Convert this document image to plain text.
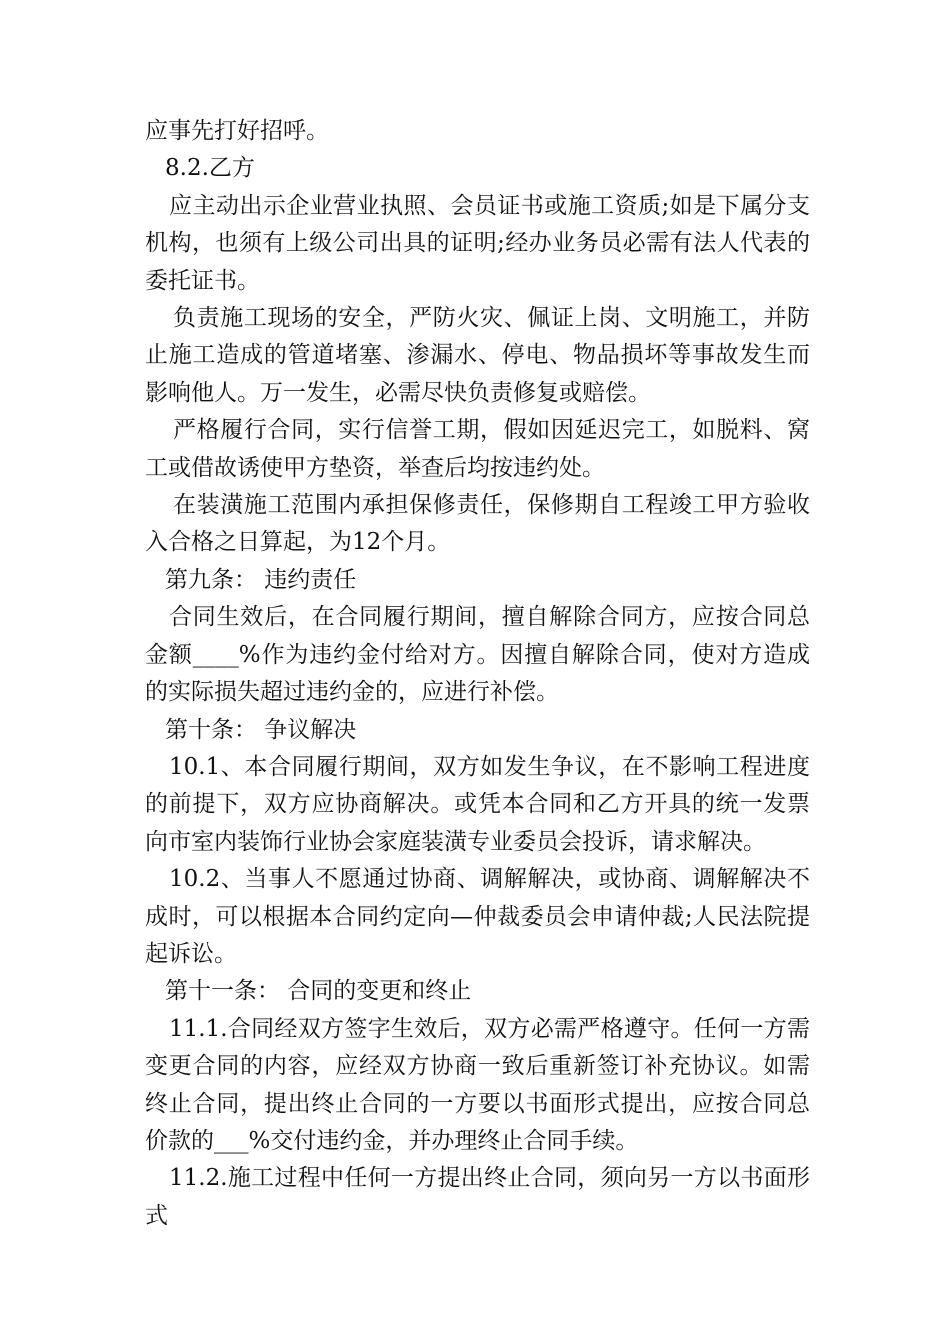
应事先打好招呼。

8.2.乙方

应主动出示企业营业执照、会员证书或施工资质;如是下属分支机构，也须有上级公司出具的证明;经办业务员必需有法人代表的委托证书。

负责施工现场的安全，严防火灾、佩证上岗、文明施工，并防止施工造成的管道堵塞、渗漏水、停电、物品损坏等事故发生而影响他人。万一发生，必需尽快负责修复或赔偿。

严格履行合同，实行信誉工期，假如因延迟完工，如脱料、窝工或借故诱使甲方垫资，举查后均按违约处。

在装潢施工范围内承担保修责任，保修期自工程竣工甲方验收入合格之日算起，为12个月。

第九条： 违约责任

合同生效后，在合同履行期间，擅自解除合同方，应按合同总金额____%作为违约金付给对方。因擅自解除合同，使对方造成的实际损失超过违约金的，应进行补偿。

第十条： 争议解决

10.1、本合同履行期间，双方如发生争议，在不影响工程进度的前提下，双方应协商解决。或凭本合同和乙方开具的统一发票向市室内装饰行业协会家庭装潢专业委员会投诉，请求解决。

10.2、当事人不愿通过协商、调解解决，或协商、调解解决不成时，可以根据本合同约定向—仲裁委员会申请仲裁;人民法院提起诉讼。

第十一条： 合同的变更和终止

11.1.合同经双方签字生效后，双方必需严格遵守。任何一方需变更合同的内容，应经双方协商一致后重新签订补充协议。如需终止合同，提出终止合同的一方要以书面形式提出，应按合同总价款的___%交付违约金，并办理终止合同手续。

11.2.施工过程中任何一方提出终止合同，须向另一方以书面形式
